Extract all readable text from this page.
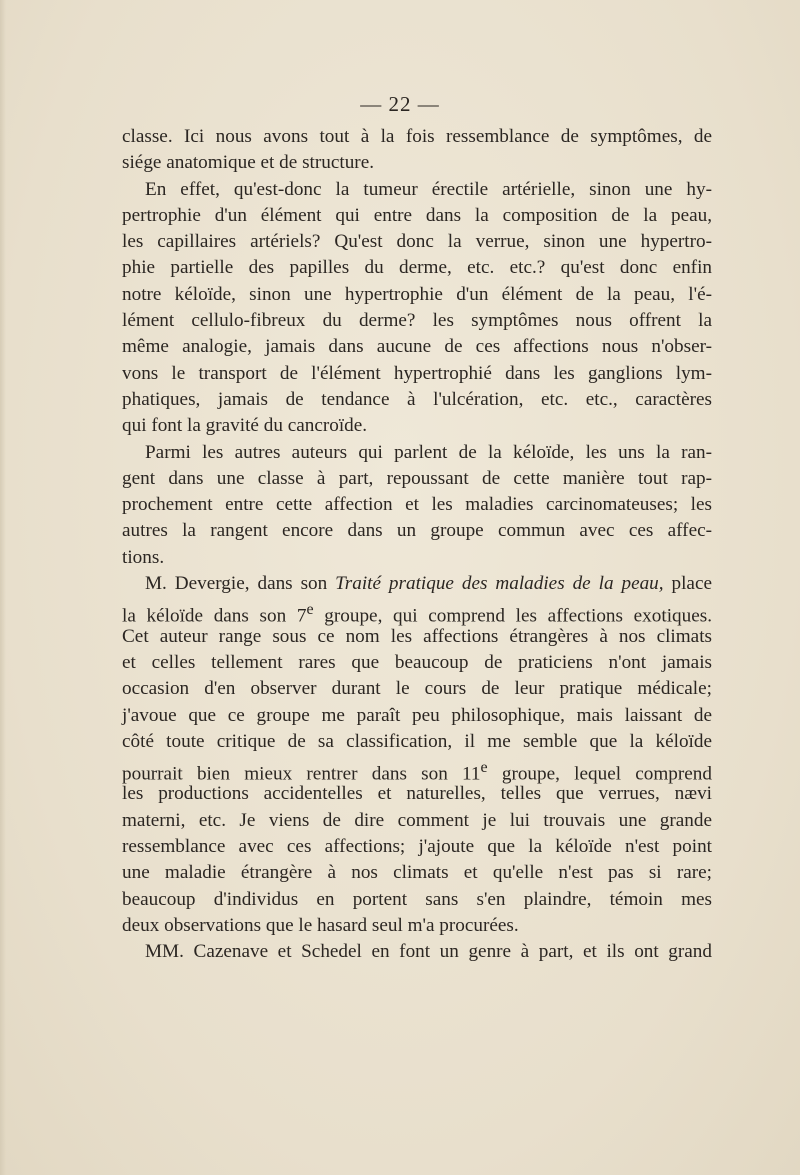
— 22 —
classe. Ici nous avons tout à la fois ressemblance de symptômes, de
siége anatomique et de structure.
En effet, qu'est-donc la tumeur érectile artérielle, sinon une hy-
pertrophie d'un élément qui entre dans la composition de la peau,
les capillaires artériels? Qu'est donc la verrue, sinon une hypertro-
phie partielle des papilles du derme, etc. etc.? qu'est donc enfin
notre kéloïde, sinon une hypertrophie d'un élément de la peau, l'é-
lément cellulo-fibreux du derme? les symptômes nous offrent la
même analogie, jamais dans aucune de ces affections nous n'obser-
vons le transport de l'élément hypertrophié dans les ganglions lym-
phatiques, jamais de tendance à l'ulcération, etc. etc., caractères
qui font la gravité du cancroïde.
Parmi les autres auteurs qui parlent de la kéloïde, les uns la ran-
gent dans une classe à part, repoussant de cette manière tout rap-
prochement entre cette affection et les maladies carcinomateuses; les
autres la rangent encore dans un groupe commun avec ces affec-
tions.
M. Devergie, dans son Traité pratique des maladies de la peau, place
la kéloïde dans son 7e groupe, qui comprend les affections exotiques.
Cet auteur range sous ce nom les affections étrangères à nos climats
et celles tellement rares que beaucoup de praticiens n'ont jamais
occasion d'en observer durant le cours de leur pratique médicale;
j'avoue que ce groupe me paraît peu philosophique, mais laissant de
côté toute critique de sa classification, il me semble que la kéloïde
pourrait bien mieux rentrer dans son 11e groupe, lequel comprend
les productions accidentelles et naturelles, telles que verrues, nævi
materni, etc. Je viens de dire comment je lui trouvais une grande
ressemblance avec ces affections; j'ajoute que la kéloïde n'est point
une maladie étrangère à nos climats et qu'elle n'est pas si rare;
beaucoup d'individus en portent sans s'en plaindre, témoin mes
deux observations que le hasard seul m'a procurées.
MM. Cazenave et Schedel en font un genre à part, et ils ont grand
